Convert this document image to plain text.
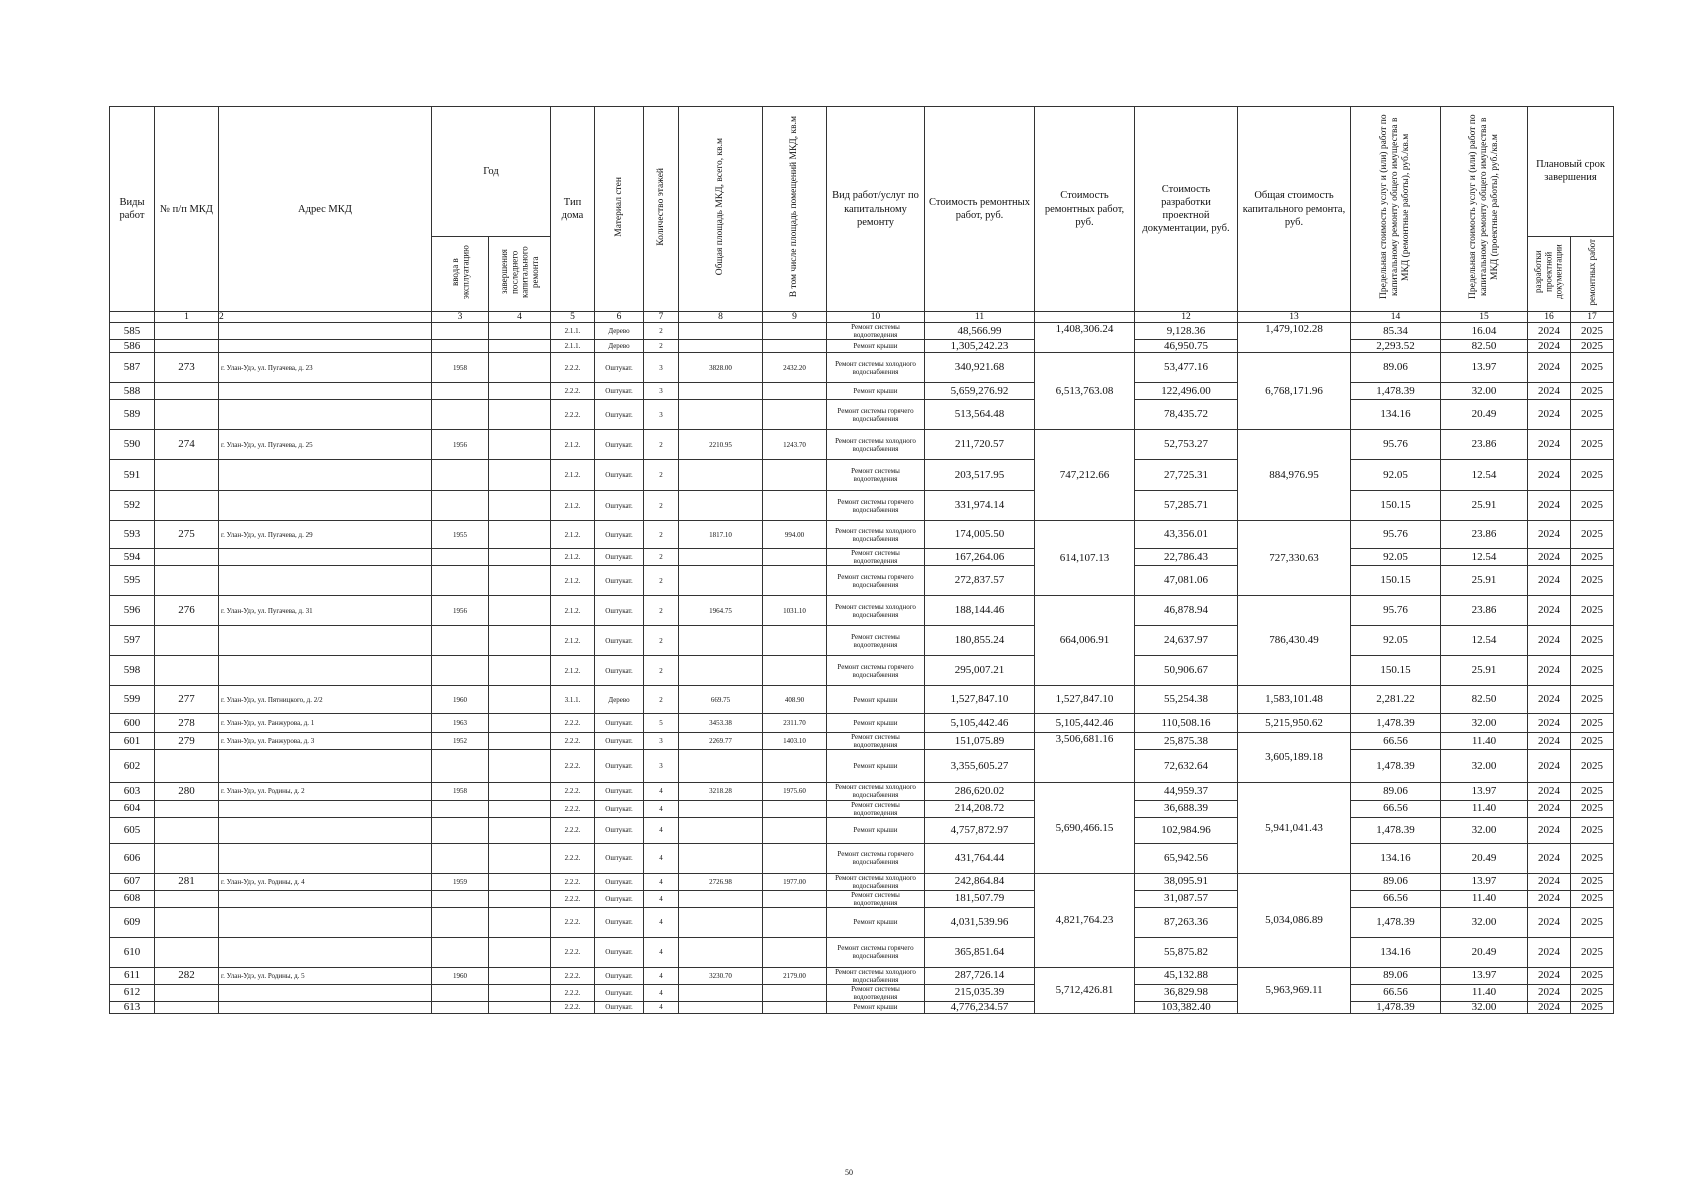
Виды работ	№ п/п МКД	Адрес МКД	Год		Тип дома	Материал стен	Количество этажей	Общая площадь МКД, всего, кв.м	В том числе площадь помещений МКД, кв.м	Вид работ/услуг по капитальному ремонту	Стоимость ремонтных работ, руб.	Стоимость ремонтных работ, руб.	Стоимость разработки проектной документации, руб.	Общая стоимость капитального ремонта, руб.	Предельная стоимость услуг и (или) работ по капитальному ремонту общего имущества в МКД (ремонтные работы), руб./кв.м	Предельная стоимость услуг и (или) работ по капитальному ремонту общего имущества в МКД (проектные работы), руб./кв.м	Плановый срок завершения	
			ввода в эксплуатацию	завершения последнего капитального ремонта													разработки проектной документации	ремонтных работ
	1	2	3	4	5	6	7	8	9	10	11		12	13	14	15	16	17
585					2.1.1.	Дерево	2			Ремонт системы водоотведения	48,566.99	1,408,306.24	9,128.36	1,479,102.28	85.34	16.04	2024	2025
586					2.1.1.	Дерево	2			Ремонт крыши	1,305,242.23		46,950.75		2,293.52	82.50	2024	2025
587	273	г. Улан-Удэ, ул. Пугачева, д. 23	1958		2.2.2.	Оштукат.	3	3828.00	2432.20	Ремонт системы холодного водоснабжения	340,921.68	6,513,763.08	53,477.16	6,768,171.96	89.06	13.97	2024	2025
588					2.2.2.	Оштукат.	3			Ремонт крыши	5,659,276.92		122,496.00		1,478.39	32.00	2024	2025
589					2.2.2.	Оштукат.	3			Ремонт системы горячего водоснабжения	513,564.48		78,435.72		134.16	20.49	2024	2025
590	274	г. Улан-Удэ, ул. Пугачева, д. 25	1956		2.1.2.	Оштукат.	2	2210.95	1243.70	Ремонт системы холодного водоснабжения	211,720.57	747,212.66	52,753.27	884,976.95	95.76	23.86	2024	2025
591					2.1.2.	Оштукат.	2			Ремонт системы водоотведения	203,517.95		27,725.31		92.05	12.54	2024	2025
592					2.1.2.	Оштукат.	2			Ремонт системы горячего водоснабжения	331,974.14		57,285.71		150.15	25.91	2024	2025
593	275	г. Улан-Удэ, ул. Пугачева, д. 29	1955		2.1.2.	Оштукат.	2	1817.10	994.00	Ремонт системы холодного водоснабжения	174,005.50	614,107.13	43,356.01	727,330.63	95.76	23.86	2024	2025
594					2.1.2.	Оштукат.	2			Ремонт системы водоотведения	167,264.06		22,786.43		92.05	12.54	2024	2025
595					2.1.2.	Оштукат.	2			Ремонт системы горячего водоснабжения	272,837.57		47,081.06		150.15	25.91	2024	2025
596	276	г. Улан-Удэ, ул. Пугачева, д. 31	1956		2.1.2.	Оштукат.	2	1964.75	1031.10	Ремонт системы холодного водоснабжения	188,144.46	664,006.91	46,878.94	786,430.49	95.76	23.86	2024	2025
597					2.1.2.	Оштукат.	2			Ремонт системы водоотведения	180,855.24		24,637.97		92.05	12.54	2024	2025
598					2.1.2.	Оштукат.	2			Ремонт системы горячего водоснабжения	295,007.21		50,906.67		150.15	25.91	2024	2025
599	277	г. Улан-Удэ, ул. Пятницкого, д. 2/2	1960		3.1.1.	Дерево	2	669.75	408.90	Ремонт крыши	1,527,847.10	1,527,847.10	55,254.38	1,583,101.48	2,281.22	82.50	2024	2025
600	278	г. Улан-Удэ, ул. Ранжурова, д. 1	1963		2.2.2.	Оштукат.	5	3453.38	2311.70	Ремонт крыши	5,105,442.46	5,105,442.46	110,508.16	5,215,950.62	1,478.39	32.00	2024	2025
601	279	г. Улан-Удэ, ул. Ранжурова, д. 3	1952		2.2.2.	Оштукат.	3	2269.77	1403.10	Ремонт системы водоотведения	151,075.89	3,506,681.16	25,875.38	3,605,189.18	66.56	11.40	2024	2025
602					2.2.2.	Оштукат.	3			Ремонт крыши	3,355,605.27		72,632.64		1,478.39	32.00	2024	2025
603	280	г. Улан-Удэ, ул. Родины, д. 2	1958		2.2.2.	Оштукат.	4	3218.28	1975.60	Ремонт системы холодного водоснабжения	286,620.02	5,690,466.15	44,959.37	5,941,041.43	89.06	13.97	2024	2025
604					2.2.2.	Оштукат.	4			Ремонт системы водоотведения	214,208.72		36,688.39		66.56	11.40	2024	2025
605					2.2.2.	Оштукат.	4			Ремонт крыши	4,757,872.97		102,984.96		1,478.39	32.00	2024	2025
606					2.2.2.	Оштукат.	4			Ремонт системы горячего водоснабжения	431,764.44		65,942.56		134.16	20.49	2024	2025
607	281	г. Улан-Удэ, ул. Родины, д. 4	1959		2.2.2.	Оштукат.	4	2726.98	1977.00	Ремонт системы холодного водоснабжения	242,864.84	4,821,764.23	38,095.91	5,034,086.89	89.06	13.97	2024	2025
608					2.2.2.	Оштукат.	4			Ремонт системы водоотведения	181,507.79		31,087.57		66.56	11.40	2024	2025
609					2.2.2.	Оштукат.	4			Ремонт крыши	4,031,539.96		87,263.36		1,478.39	32.00	2024	2025
610					2.2.2.	Оштукат.	4			Ремонт системы горячего водоснабжения	365,851.64		55,875.82		134.16	20.49	2024	2025
611	282	г. Улан-Удэ, ул. Родины, д. 5	1960		2.2.2.	Оштукат.	4	3230.70	2179.00	Ремонт системы холодного водоснабжения	287,726.14	5,712,426.81	45,132.88	5,963,969.11	89.06	13.97	2024	2025
612					2.2.2.	Оштукат.	4			Ремонт системы водоотведения	215,035.39		36,829.98		66.56	11.40	2024	2025
613					2.2.2.	Оштукат.	4			Ремонт крыши	4,776,234.57		103,382.40		1,478.39	32.00	2024	2025
50
